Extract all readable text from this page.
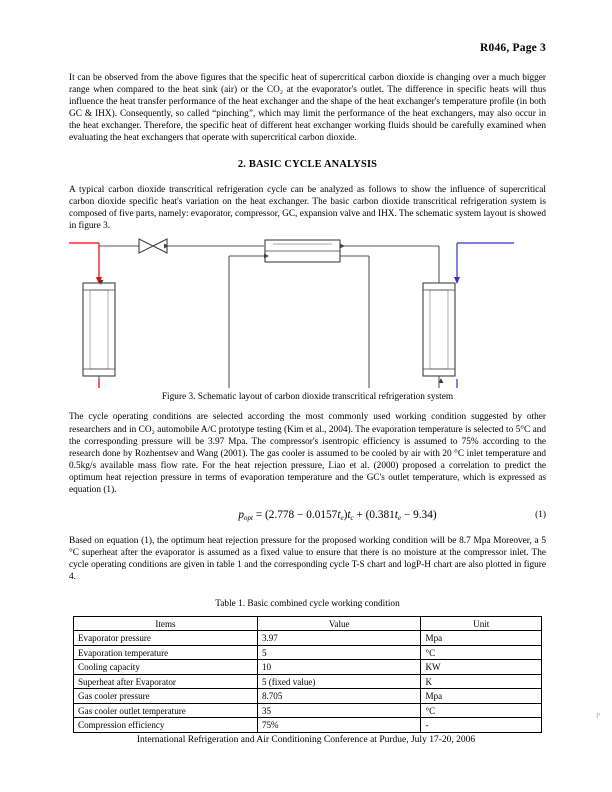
R046, Page 3

It can be observed from the above figures that the specific heat of supercritical carbon dioxide is changing over a much bigger range when compared to the heat sink (air) or the CO₂ at the evaporator's outlet. The difference in specific heats will thus influence the heat transfer performance of the heat exchanger and the shape of the heat exchanger's temperature profile (in both GC & IHX). Consequently, so called “pinching”, which may limit the performance of the heat exchangers, may also occur in the heat exchanger. Therefore, the specific heat of different heat exchanger working fluids should be carefully examined when evaluating the heat exchangers that operate with supercritical carbon dioxide.

2. BASIC CYCLE ANALYSIS

A typical carbon dioxide transcritical refrigeration cycle can be analyzed as follows to show the influence of supercritical carbon dioxide specific heat's variation on the heat exchanger. The basic carbon dioxide transcritical refrigeration system is composed of five parts, namely: evaporator, compressor, GC, expansion valve and IHX. The schematic system layout is showed in figure 3.

Figure 3. Schematic layout of carbon dioxide transcritical refrigeration system

The cycle operating conditions are selected according the most commonly used working condition suggested by other researchers and in CO₂ automobile A/C prototype testing (Kim et al., 2004). The evaporation temperature is selected to 5°C and the corresponding pressure will be 3.97 Mpa. The compressor's isentropic efficiency is assumed to 75% according to the research done by Rozhentsev and Wang (2001). The gas cooler is assumed to be cooled by air with 20 °C inlet temperature and 0.5kg/s available mass flow rate. For the heat rejection pressure, Liao et al. (2000) proposed a correlation to predict the optimum heat rejection pressure in terms of evaporation temperature and the GC's outlet temperature, which is expressed as equation (1).

$p_{opt} = (2.778 - 0.0157t_e)t_c + (0.381t_e - 9.34)$	(1)

Based on equation (1), the optimum heat rejection pressure for the proposed working condition will be 8.7 Mpa Moreover, a 5 °C superheat after the evaporator is assumed as a fixed value to ensure that there is no moisture at the compressor inlet. The cycle operating conditions are given in table 1 and the corresponding cycle T-S chart and logP-H chart are also plotted in figure 4.

Table 1. Basic combined cycle working condition
Items	Value	Unit
Evaporator pressure	3.97	Mpa
Evaporation temperature	5	°C
Cooling capacity	10	KW
Superheat after Evaporator	5 (fixed value)	K
Gas cooler pressure	8.705	Mpa
Gas cooler outlet temperature	35	°C
Compression efficiency	75%	-
P
International Refrigeration and Air Conditioning Conference at Purdue, July 17-20, 2006
